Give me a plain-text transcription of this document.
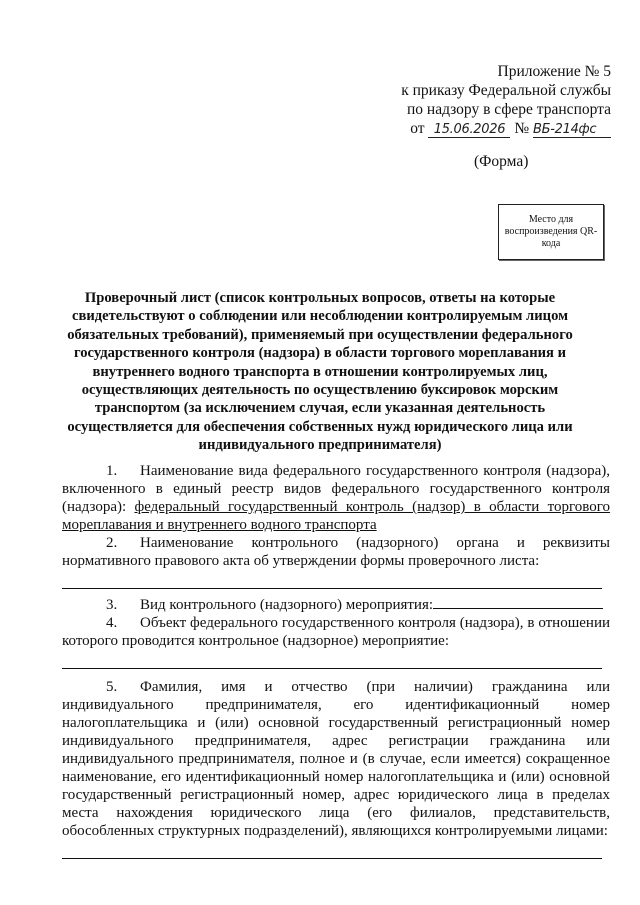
Приложение № 5
к приказу Федеральной службы
по надзору в сфере транспорта
от 15.06.2026 № ВБ-214фс
(Форма)
Место для воспроизведения QR-кода
Проверочный лист (список контрольных вопросов, ответы на которые свидетельствуют о соблюдении или несоблюдении контролируемым лицом обязательных требований), применяемый при осуществлении федерального государственного контроля (надзора) в области торгового мореплавания и внутреннего водного транспорта в отношении контролируемых лиц, осуществляющих деятельность по осуществлению буксировок морским транспортом (за исключением случая, если указанная деятельность осуществляется для обеспечения собственных нужд юридического лица или индивидуального предпринимателя)

1. Наименование вида федерального государственного контроля (надзора), включенного в единый реестр видов федерального государственного контроля (надзора): федеральный государственный контроль (надзор) в области торгового мореплавания и внутреннего водного транспорта

2. Наименование контрольного (надзорного) органа и реквизиты нормативного правового акта об утверждении формы проверочного листа:

3. Вид контрольного (надзорного) мероприятия:

4. Объект федерального государственного контроля (надзора), в отношении которого проводится контрольное (надзорное) мероприятие:

5. Фамилия, имя и отчество (при наличии) гражданина или индивидуального предпринимателя, его идентификационный номер налогоплательщика и (или) основной государственный регистрационный номер индивидуального предпринимателя, адрес регистрации гражданина или индивидуального предпринимателя, полное и (в случае, если имеется) сокращенное наименование, его идентификационный номер налогоплательщика и (или) основной государственный регистрационный номер, адрес юридического лица в пределах места нахождения юридического лица (его филиалов, представительств, обособленных структурных подразделений), являющихся контролируемыми лицами:
